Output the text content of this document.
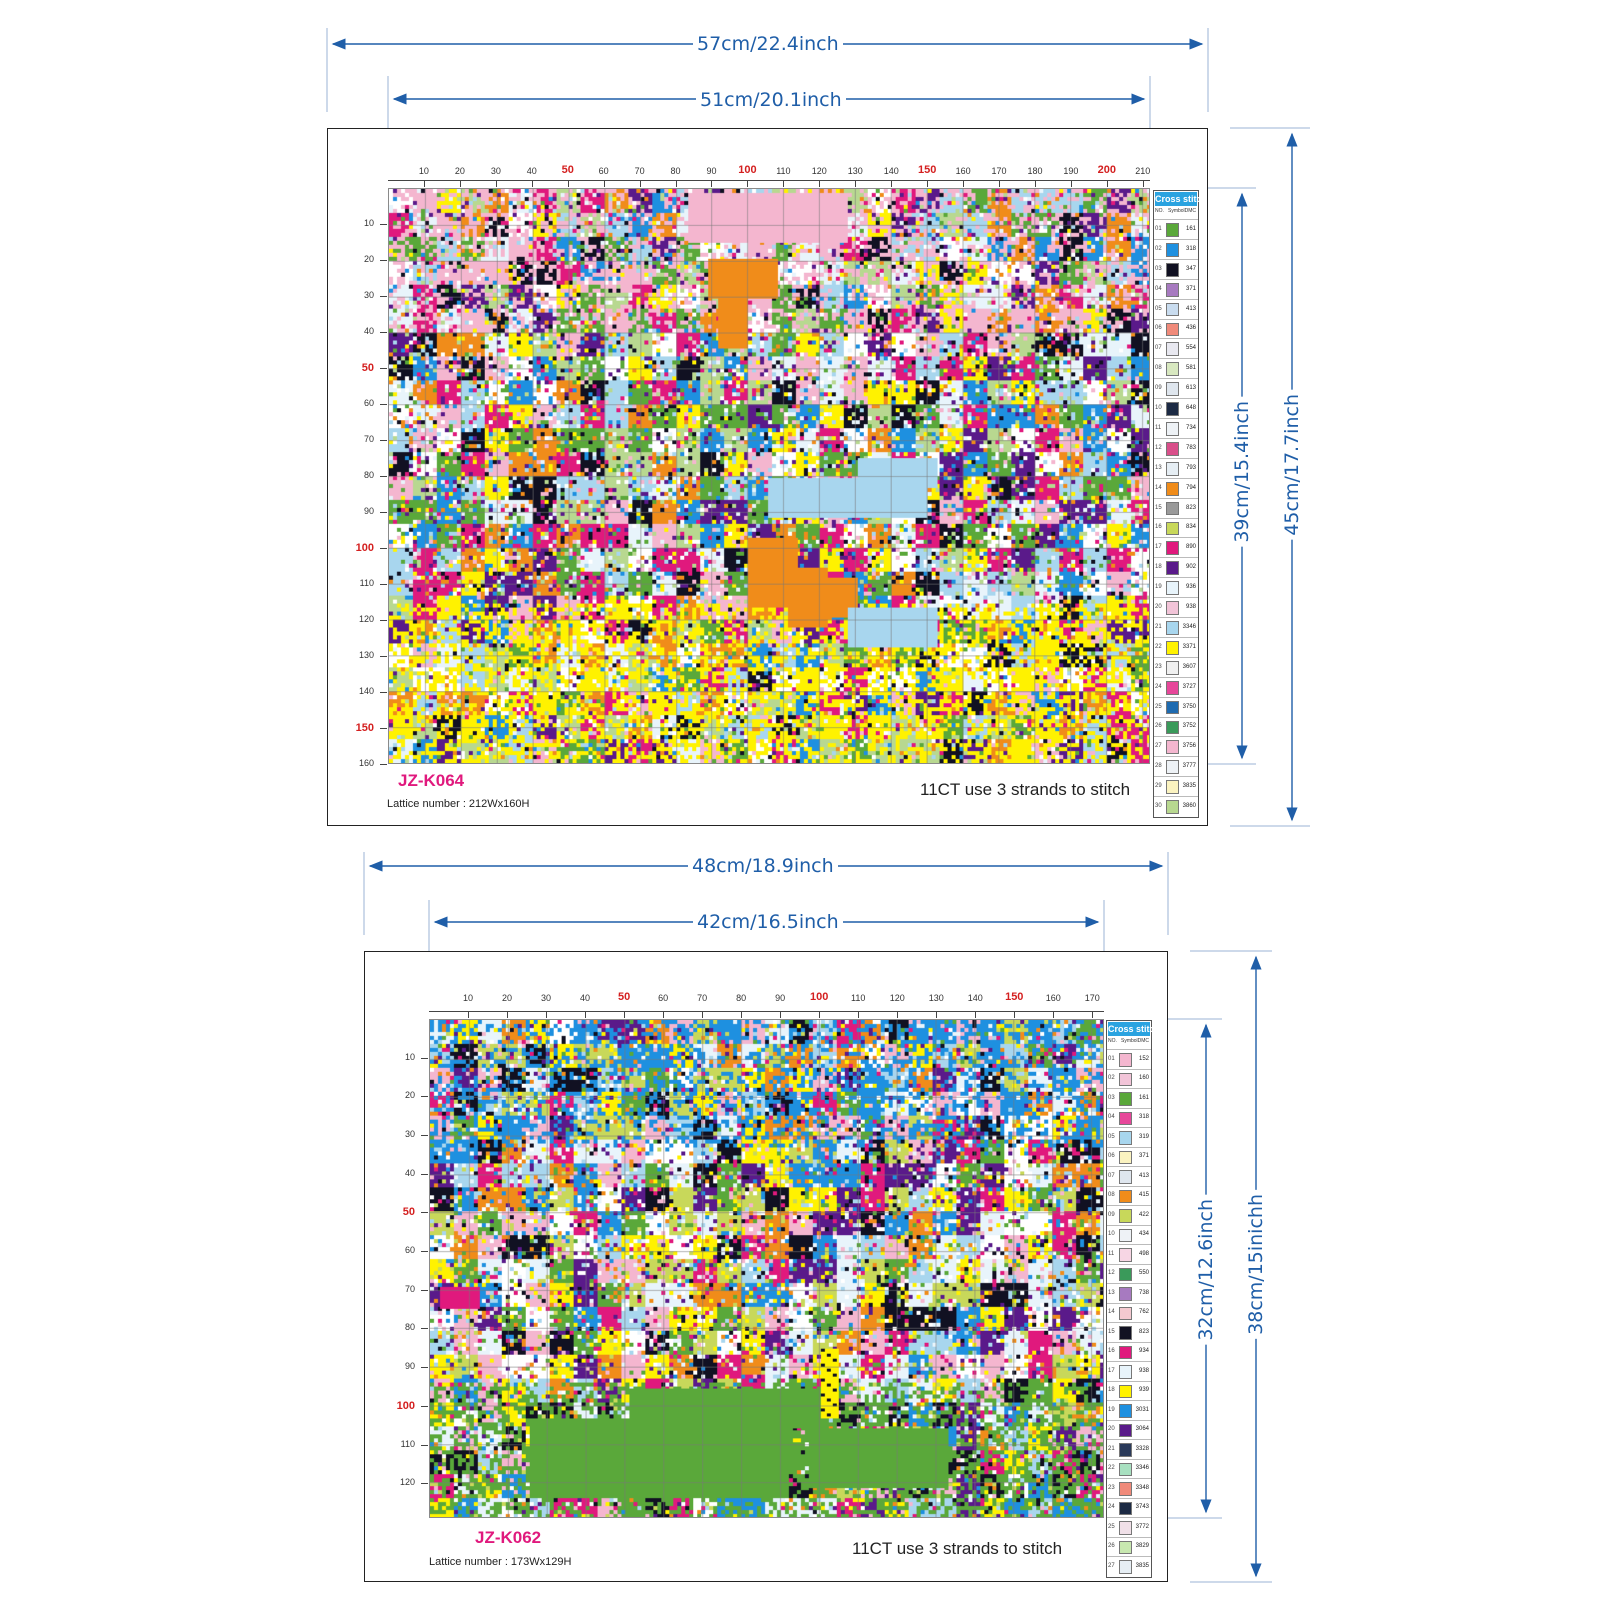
57cm/22.4inch
51cm/20.1inch
39cm/15.4inch 45cm/17.7inch
10	20	30	40 50	60	70	80	90 100 110 120 130 140 150 160 170 180 190 200 210
10
20
30
40
50
60
70
80
90
100
110
120
130
140
150
160
Cross stitch
NO. Symbol DMC
01	161
02	318
03	347
04	371
05	413
06	436
07	554
08	581
09	613
10	648
11	734
12	783
13	793
14	794
15	823
16	834
17	890
18	902
19	936
20	938
21	3346
22	3371
23	3607
24	3727
25	3750
26	3752
27	3756
28	3777
29	3835
30	3860
JZ-K064
Lattice number : 212Wx160H
11CT use 3 strands to stitch
48cm/18.9inch
42cm/16.5inch
32cm/12.6inch 38cm/15inichh
10	20	30	40	50	60	70	80	90 100	110	120	130	140 150 160	170
10
20
30
40
50
60
70
80
90
100
110
120
Cross stitch
NO. Symbol DMC
01	152
02	160
03	161
04	318
05	319
06	371
07	413
08	415
09	422
10	434
11	498
12	550
13	738
14	762
15	823
16	934
17	938
18	939
19	3031
20	3064
21	3328
22	3346
23	3348
24	3743
25	3772
26	3829
27	3835
JZ-K062
Lattice number : 173Wx129H
11CT use 3 strands to stitch
